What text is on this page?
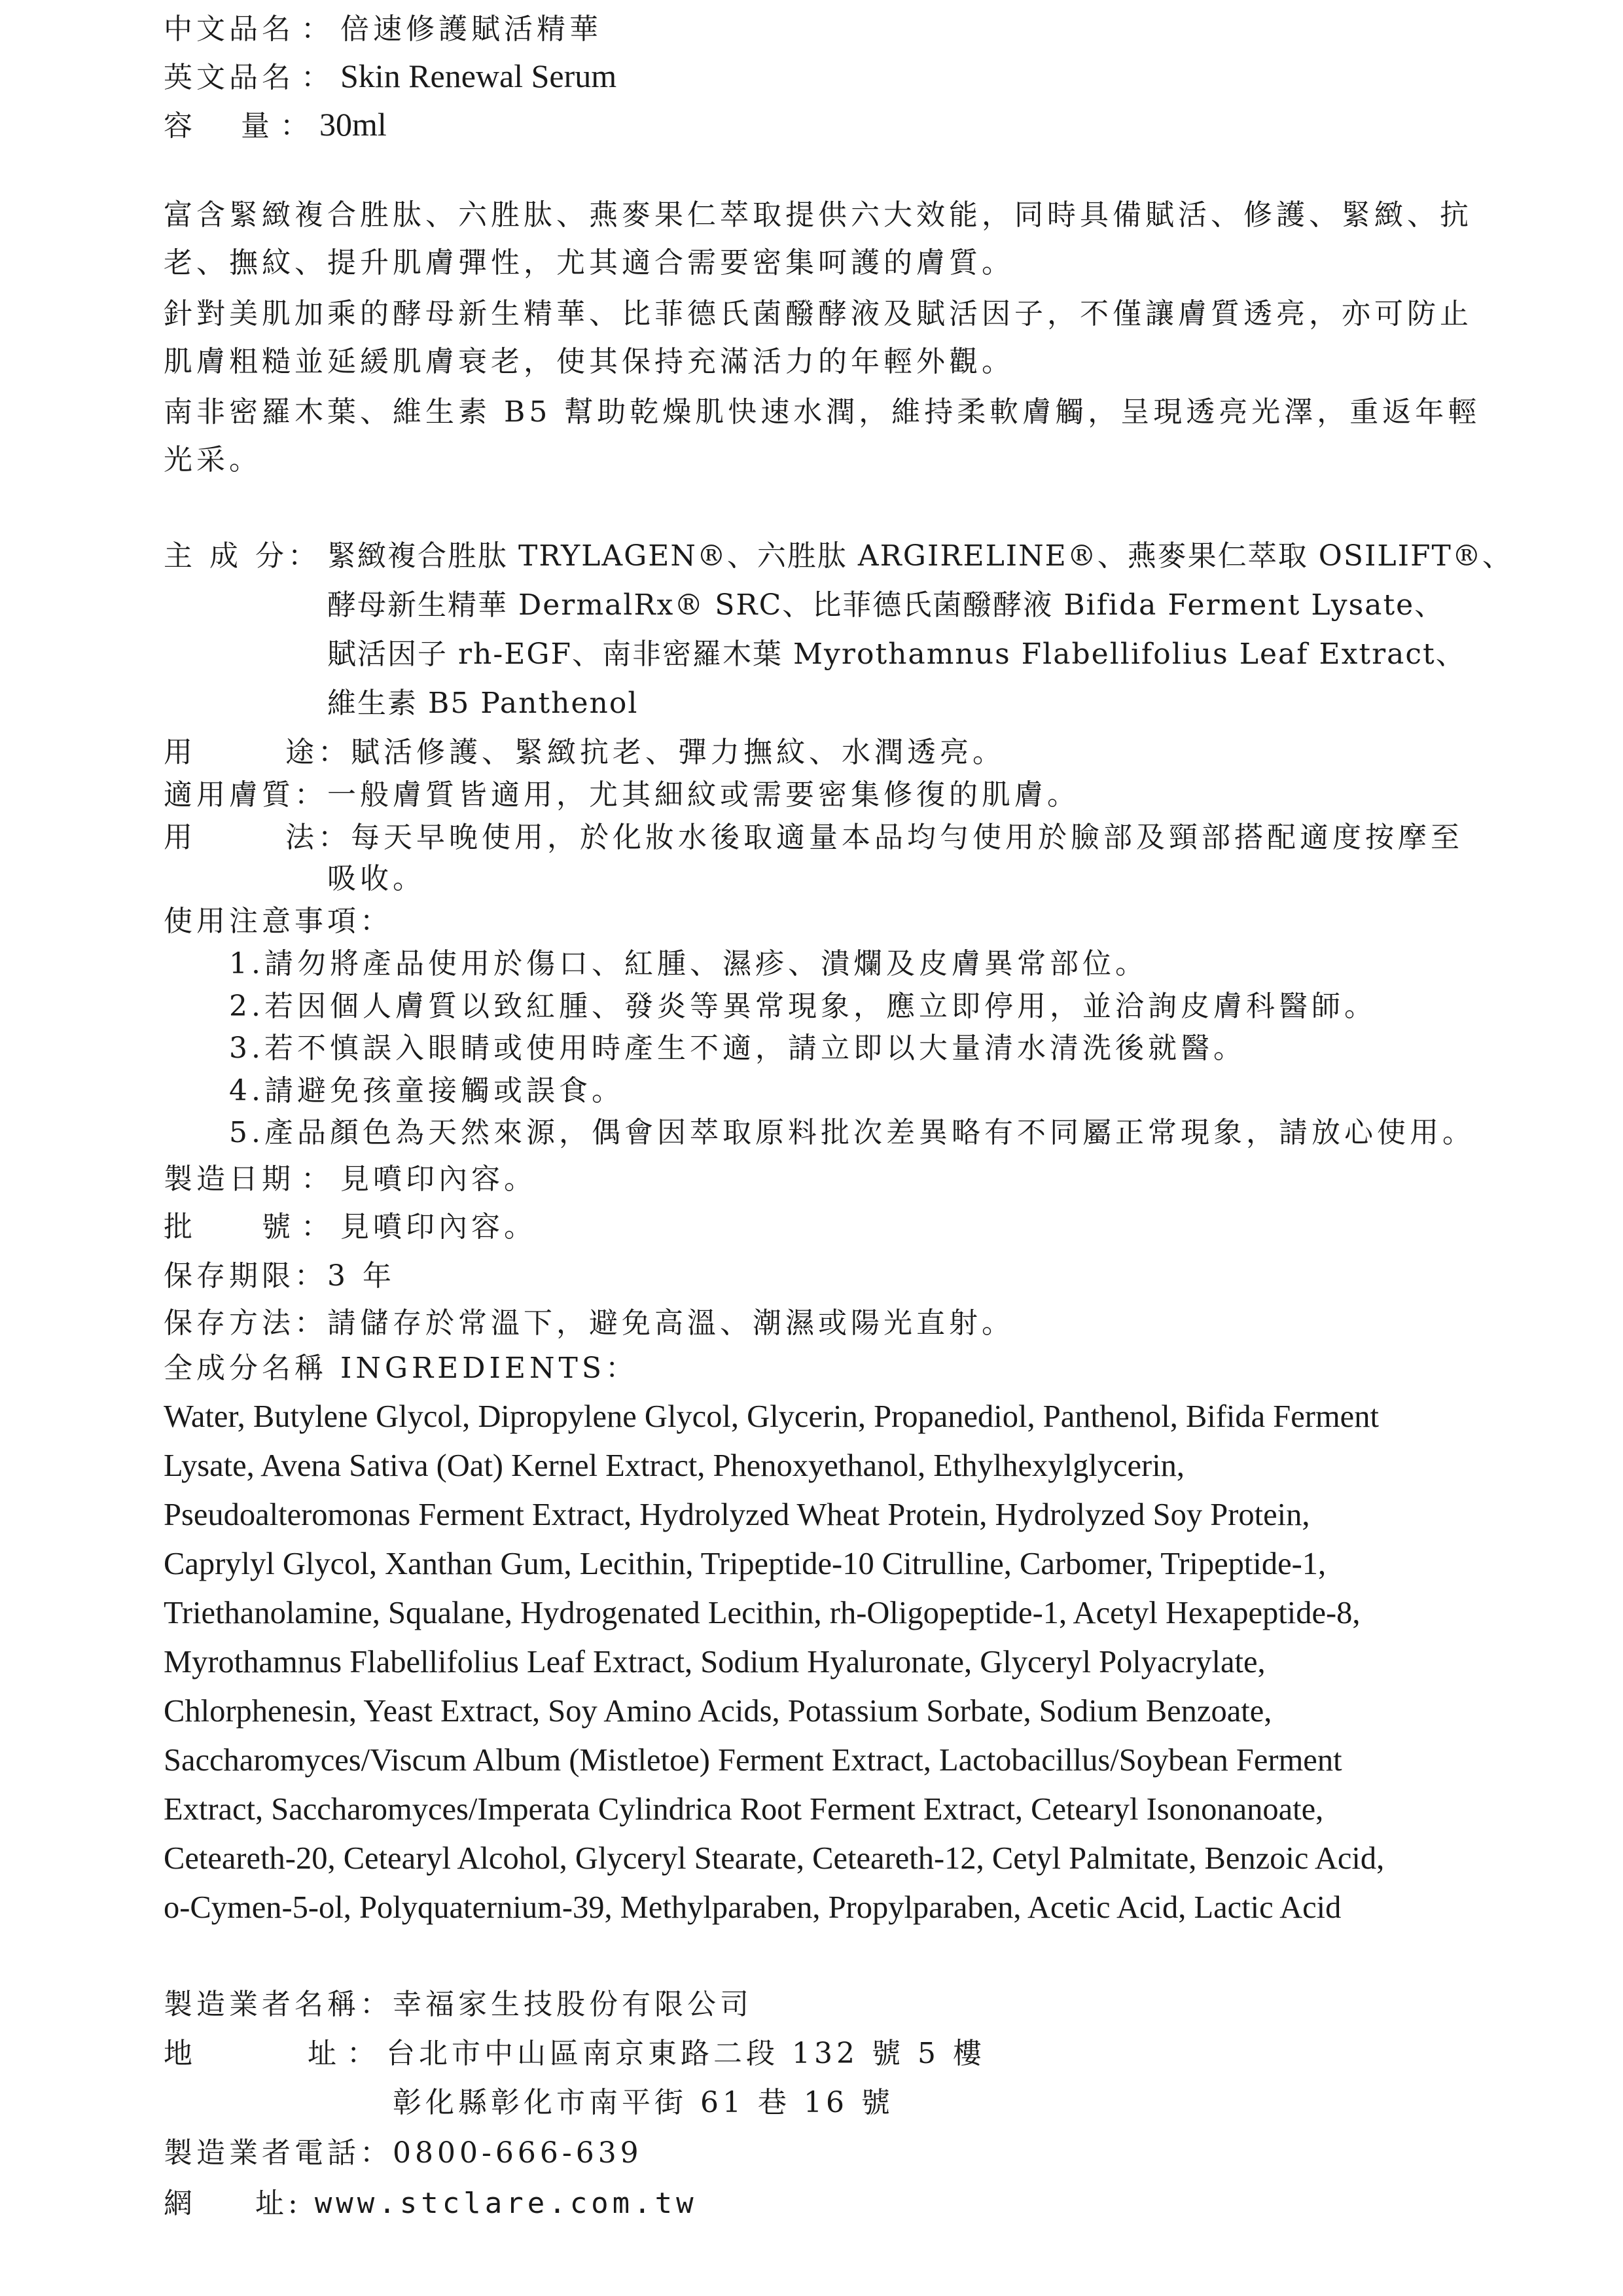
中文品名 ： 倍速修護賦活精華
英文品名 ： Skin Renewal Serum
容 量 ： 30ml
富含緊緻複合胜肽、六胜肽、燕麥果仁萃取提供六大效能，同時具備賦活、修護、緊緻、抗
老、撫紋、提升肌膚彈性，尤其適合需要密集呵護的膚質。
針對美肌加乘的酵母新生精華、比菲德氏菌醱酵液及賦活因子，不僅讓膚質透亮，亦可防止
肌膚粗糙並延緩肌膚衰老，使其保持充滿活力的年輕外觀。
南非密羅木葉、維生素 B5 幫助乾燥肌快速水潤，維持柔軟膚觸，呈現透亮光澤，重返年輕
光采。
主 成 分： 緊緻複合胜肽 TRYLAGEN®、六胜肽 ARGIRELINE®、燕麥果仁萃取 OSILIFT®、
酵母新生精華 DermalRx® SRC、比菲德氏菌醱酵液 Bifida Ferment Lysate、
賦活因子 rh-EGF、南非密羅木葉 Myrothamnus Flabellifolius Leaf Extract、
維生素 B5 Panthenol
用	途 ：賦活修護、緊緻抗老、彈力撫紋、水潤透亮。
適用膚質：一般膚質皆適用，尤其細紋或需要密集修復的肌膚。
用	法 ：每天早晚使用，於化妝水後取適量本品均勻使用於臉部及頸部搭配適度按摩至
吸收。
使用注意事項：
1.請勿將產品使用於傷口、紅腫、濕疹、潰爛及皮膚異常部位。
2.若因個人膚質以致紅腫、發炎等異常現象，應立即停用，並洽詢皮膚科醫師。
3.若不慎誤入眼睛或使用時產生不適，請立即以大量清水清洗後就醫。
4.請避免孩童接觸或誤食。
5.產品顏色為天然來源，偶會因萃取原料批次差異略有不同屬正常現象，請放心使用。
製造日期 ： 見噴印內容。
批 號 ： 見噴印內容。
保存期限：3 年
保存方法：請儲存於常溫下，避免高溫、潮濕或陽光直射。
全成分名稱 INGREDIENTS：
Water, Butylene Glycol, Dipropylene Glycol, Glycerin, Propanediol, Panthenol, Bifida Ferment
Lysate, Avena Sativa (Oat) Kernel Extract, Phenoxyethanol, Ethylhexylglycerin,
Pseudoalteromonas Ferment Extract, Hydrolyzed Wheat Protein, Hydrolyzed Soy Protein,
Caprylyl Glycol, Xanthan Gum, Lecithin, Tripeptide-10 Citrulline, Carbomer, Tripeptide-1,
Triethanolamine, Squalane, Hydrogenated Lecithin, rh-Oligopeptide-1, Acetyl Hexapeptide-8,
Myrothamnus Flabellifolius Leaf Extract, Sodium Hyaluronate, Glyceryl Polyacrylate,
Chlorphenesin, Yeast Extract, Soy Amino Acids, Potassium Sorbate, Sodium Benzoate,
Saccharomyces/Viscum Album (Mistletoe) Ferment Extract, Lactobacillus/Soybean Ferment
Extract, Saccharomyces/Imperata Cylindrica Root Ferment Extract, Cetearyl Isononanoate,
Ceteareth-20, Cetearyl Alcohol, Glyceryl Stearate, Ceteareth-12, Cetyl Palmitate, Benzoic Acid,
o-Cymen-5-ol, Polyquaternium-39, Methylparaben, Propylparaben, Acetic Acid, Lactic Acid
製造業者名稱：幸福家生技股份有限公司
地	址 ： 台北市中山區南京東路二段 132 號 5 樓
彰化縣彰化市南平街 61 巷 16 號
製造業者電話：0800-666-639
網 址 : www.stclare.com.tw
